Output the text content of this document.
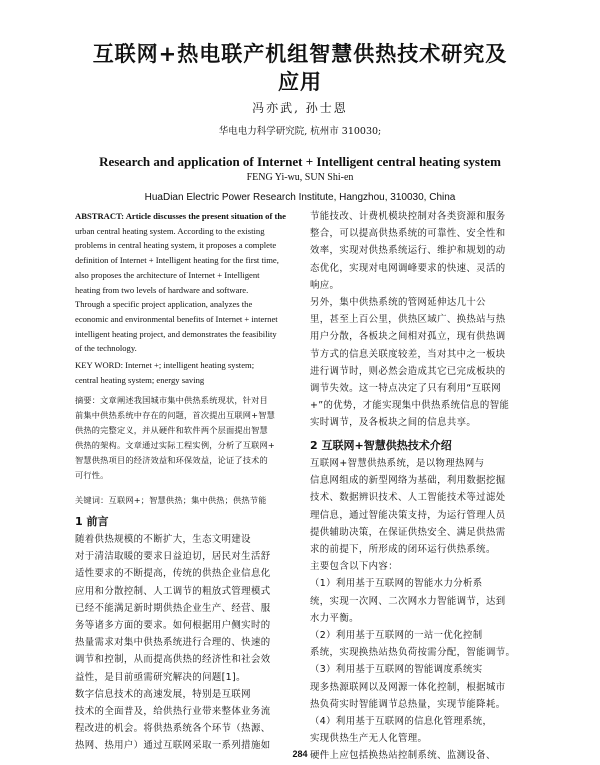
互联网+热电联产机组智慧供热技术研究及
应用
冯亦武, 孙士恩
华电电力科学研究院, 杭州市 310030;
Research and application of Internet + Intelligent central heating system
FENG Yi-wu, SUN Shi-en
HuaDian Electric Power Research Institute, Hangzhou, 310030, China
ABSTRACT: Article discusses the present situation of the
urban central heating system. According to the existing
problems in central heating system, it proposes a complete
definition of Internet + Intelligent heating for the first time,
also proposes the architecture of Internet + Intelligent
heating from two levels of hardware and software.
Through a specific project application, analyzes the
economic and environmental benefits of Internet + internet
intelligent heating project, and demonstrates the feasibility
of the technology.
KEY WORD: Internet +; intelligent heating system;
central heating system; energy saving
摘要：文章阐述我国城市集中供热系统现状，针对目
前集中供热系统中存在的问题，首次提出互联网+智慧
供热的完整定义，并从硬件和软件两个层面提出智慧
供热的架构。文章通过实际工程实例，分析了互联网+
智慧供热项目的经济效益和环保效益，论证了技术的
可行性。
关键词：互联网+；智慧供热；集中供热；供热节能
1 前言
随着供热规模的不断扩大，生态文明建设
对于清洁取暖的要求日益迫切，居民对生活舒
适性要求的不断提高，传统的供热企业信息化
应用和分散控制、人工调节的粗放式管理模式
已经不能满足新时期供热企业生产、经营、服
务等诸多方面的要求。如何根据用户侧实时的
热量需求对集中供热系统进行合理的、快速的
调节和控制，从而提高供热的经济性和社会效
益性，是目前亟需研究解决的问题[1]。
数字信息技术的高速发展，特别是互联网
技术的全面普及，给供热行业带来整体业务流
程改进的机会。将供热系统各个环节（热源、
热网、热用户）通过互联网采取一系列措施如
节能技改、计费机模块控制对各类资源和服务
整合，可以提高供热系统的可靠性、安全性和
效率，实现对供热系统运行、维护和规划的动
态优化，实现对电网调峰要求的快速、灵活的
响应。
另外，集中供热系统的管网延伸达几十公
里，甚至上百公里，供热区域广、换热站与热
用户分散，各板块之间相对孤立，现有供热调
节方式的信息关联度较差，当对其中之一板块
进行调节时，则必然会造成其它已完成板块的
调节失效。这一特点决定了只有利用“互联网
+”的优势，才能实现集中供热系统信息的智能
实时调节，及各板块之间的信息共享。
2 互联网+智慧供热技术介绍
互联网+智慧供热系统，是以物理热网与
信息网组成的新型网络为基础，利用数据挖掘
技术、数据辨识技术、人工智能技术等过滤处
理信息，通过智能决策支持，为运行管理人员
提供辅助决策，在保证供热安全、满足供热需
求的前提下，所形成的闭环运行供热系统。
主要包含以下内容：
（1）利用基于互联网的智能水力分析系
统，实现一次网、二次网水力智能调节，达到
水力平衡。
（2）利用基于互联网的一站一优化控制
系统，实现换热站热负荷按需分配，智能调节。
（3）利用基于互联网的智能调度系统实
现多热源联网以及网源一体化控制，根据城市
热负荷实时智能调节总热量，实现节能降耗。
（4）利用基于互联网的信息化管理系统，
实现供热生产无人化管理。
硬件上应包括换热站控制系统、监测设备、
284
